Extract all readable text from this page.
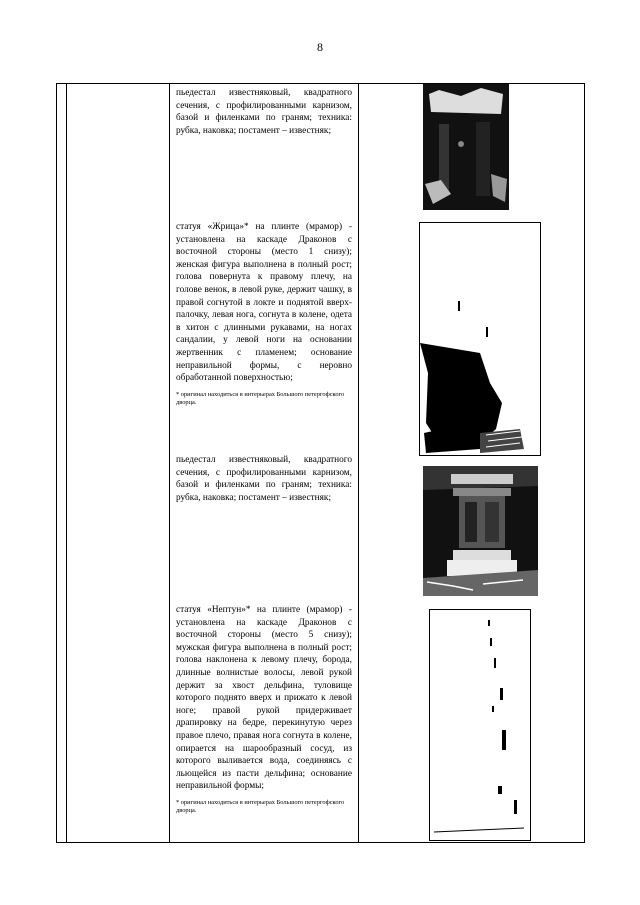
8
пьедестал известняковый, квадратного сечения, с профилированными карнизом, базой и филенками по граням; техника: рубка, наковка; постамент – известняк;
статуя «Жрица»* на плинте (мрамор) - установлена на каскаде Драконов с восточной стороны (место 1 снизу); женская фигура выполнена в полный рост; голова повернута к правому плечу, на голове венок, в левой руке, держит чашку, в правой согнутой в локте и поднятой вверх-палочку, левая нога, согнута в колене, одета в хитон с длинными рукавами, на ногах сандалии, у левой ноги на основании жертвенник с пламенем; основание неправильной формы, с неровно обработанной поверхностью;
* оригинал находиться в интерьерах Большого петергофского дворца.
пьедестал известняковый, квадратного сечения, с профилированными карнизом, базой и филенками по граням; техника: рубка, наковка; постамент – известняк;
статуя «Нептун»* на плинте (мрамор) - установлена на каскаде Драконов с восточной стороны (место 5 снизу); мужская фигура выполнена в полный рост; голова наклонена к левому плечу, борода, длинные волнистые волосы, левой рукой держит за хвост дельфина, туловище которого поднято вверх и прижато к левой ноге; правой рукой придерживает драпировку на бедре, перекинутую через правое плечо, правая нога согнута в колене, опирается на шарообразный сосуд, из которого выливается вода, соединяясь с льющейся из пасти дельфина; основание неправильной формы;
* оригинал находиться в интерьерах Большого петергофского дворца.
